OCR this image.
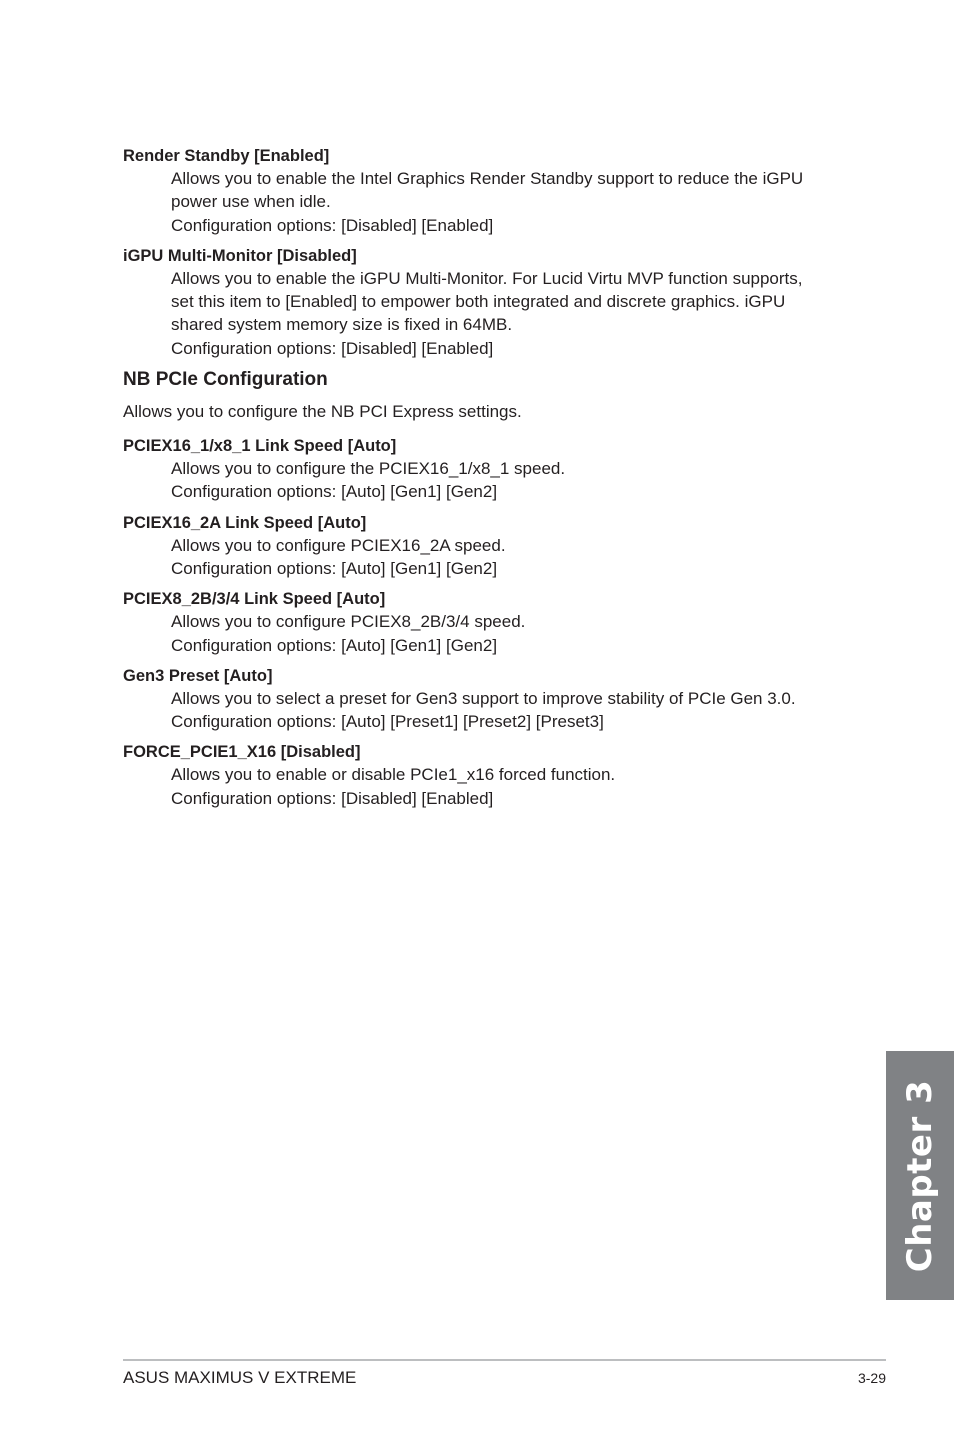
Render Standby [Enabled]
Allows you to enable the Intel Graphics Render Standby support to reduce the iGPU
power use when idle.
Configuration options: [Disabled] [Enabled]
iGPU Multi-Monitor [Disabled]
Allows you to enable the iGPU Multi-Monitor. For Lucid Virtu MVP function supports,
set this item to [Enabled] to empower both integrated and discrete graphics. iGPU
shared system memory size is fixed in 64MB.
Configuration options: [Disabled] [Enabled]
NB PCIe Configuration

Allows you to configure the NB PCI Express settings.

PCIEX16_1/x8_1 Link Speed [Auto]
Allows you to configure the PCIEX16_1/x8_1 speed.
Configuration options: [Auto] [Gen1] [Gen2]
PCIEX16_2A Link Speed [Auto]
Allows you to configure PCIEX16_2A speed.
Configuration options: [Auto] [Gen1] [Gen2]
PCIEX8_2B/3/4 Link Speed [Auto]
Allows you to configure PCIEX8_2B/3/4 speed.
Configuration options: [Auto] [Gen1] [Gen2]
Gen3 Preset [Auto]
Allows you to select a preset for Gen3 support to improve stability of PCIe Gen 3.0.
Configuration options: [Auto] [Preset1] [Preset2] [Preset3]
FORCE_PCIE1_X16 [Disabled]
Allows you to enable or disable PCIe1_x16 forced function.
Configuration options: [Disabled] [Enabled]
Chapter 3
ASUS MAXIMUS V EXTREME	3-29
